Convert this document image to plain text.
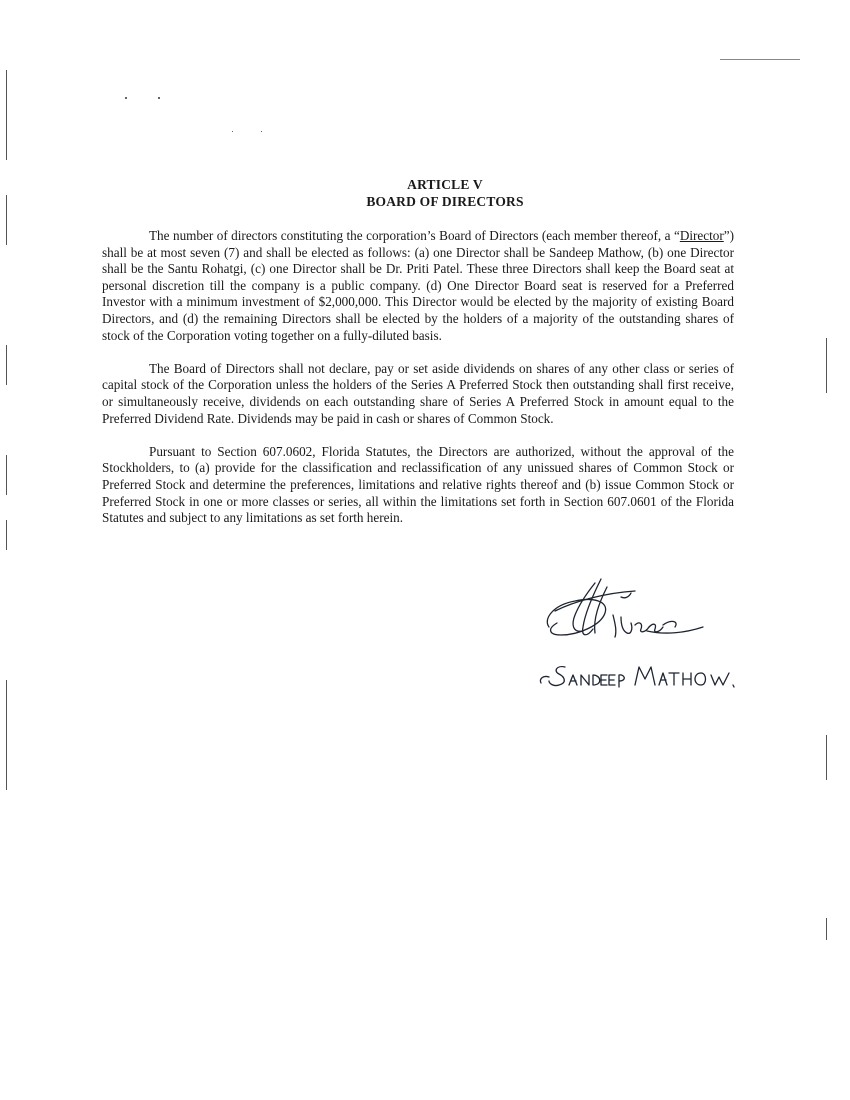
ARTICLE V
BOARD OF DIRECTORS

The number of directors constituting the corporation’s Board of Directors (each member thereof, a “Director”) shall be at most seven (7) and shall be elected as follows: (a) one Director shall be Sandeep Mathow, (b) one Director shall be the Santu Rohatgi, (c) one Director shall be Dr. Priti Patel. These three Directors shall keep the Board seat at personal discretion till the company is a public company. (d) One Director Board seat is reserved for a Preferred Investor with a minimum investment of $2,000,000. This Director would be elected by the majority of existing Board Directors, and (d) the remaining Directors shall be elected by the holders of a majority of the outstanding shares of stock of the Corporation voting together on a fully-diluted basis.

The Board of Directors shall not declare, pay or set aside dividends on shares of any other class or series of capital stock of the Corporation unless the holders of the Series A Preferred Stock then outstanding shall first receive, or simultaneously receive, dividends on each outstanding share of Series A Preferred Stock in amount equal to the Preferred Dividend Rate. Dividends may be paid in cash or shares of Common Stock.

Pursuant to Section 607.0602, Florida Statutes, the Directors are authorized, without the approval of the Stockholders, to (a) provide for the classification and reclassification of any unissued shares of Common Stock or Preferred Stock and determine the preferences, limitations and relative rights thereof and (b) issue Common Stock or Preferred Stock in one or more classes or series, all within the limitations set forth in Section 607.0601 of the Florida Statutes and subject to any limitations as set forth herein.
